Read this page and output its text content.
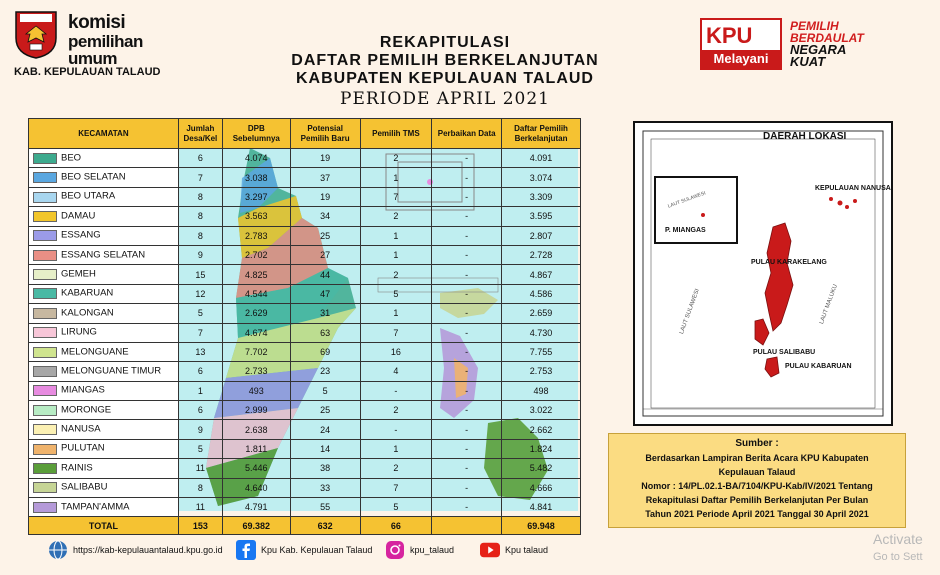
komisi
pemilihan
umum
KAB. KEPULAUAN TALAUD
REKAPITULASI
DAFTAR PEMILIH BERKELANJUTAN
KABUPATEN KEPULAUAN TALAUD
PERIODE APRIL 2021
KPU
Melayani
PEMILIH
BERDAULAT
NEGARA
KUAT
KECAMATAN	Jumlah Desa/Kel	DPB Sebelumnya	Potensial Pemilih Baru	Pemilih TMS	Perbaikan Data	Daftar Pemilih Berkelanjutan
BEO	6	4.074	19	2	-	4.091
BEO SELATAN	7	3.038	37	1	-	3.074
BEO UTARA	8	3.297	19	7	-	3.309
DAMAU	8	3.563	34	2	-	3.595
ESSANG	8	2.783	25	1	-	2.807
ESSANG SELATAN	9	2.702	27	1	-	2.728
GEMEH	15	4.825	44	2	-	4.867
KABARUAN	12	4.544	47	5	-	4.586
KALONGAN	5	2.629	31	1	-	2.659
LIRUNG	7	4.674	63	7	-	4.730
MELONGUANE	13	7.702	69	16	-	7.755
MELONGUANE TIMUR	6	2.733	23	4	-	2.753
MIANGAS	1	493	5	-	-	498
MORONGE	6	2.999	25	2	-	3.022
NANUSA	9	2.638	24	-	-	2.662
PULUTAN	5	1.811	14	1	-	1.824
RAINIS	11	5.446	38	2	-	5.482
SALIBABU	8	4.640	33	7	-	4.666
TAMPAN'AMMA	11	4.791	55	5	-	4.841
TOTAL	153	69.382	632	66		69.948
DAERAH LOKASI
KEPULAUAN NANUSA
P. MIANGAS
PULAU KARAKELANG
PULAU SALIBABU
PULAU KABARUAN
LAUT SULAWESI
LAUT SULAWESI
LAUT MALUKU
Sumber :
Berdasarkan Lampiran Berita Acara KPU Kabupaten
Kepulauan Talaud
Nomor : 14/PL.02.1-BA/7104/KPU-Kab/IV/2021 Tentang
Rekapitulasi Daftar Pemilih Berkelanjutan Per Bulan
Tahun 2021 Periode April 2021 Tanggal 30 April 2021
https://kab-kepulauantalaud.kpu.go.id	Kpu Kab. Kepulauan Talaud	kpu_talaud	Kpu talaud
Activate
Go to Sett
